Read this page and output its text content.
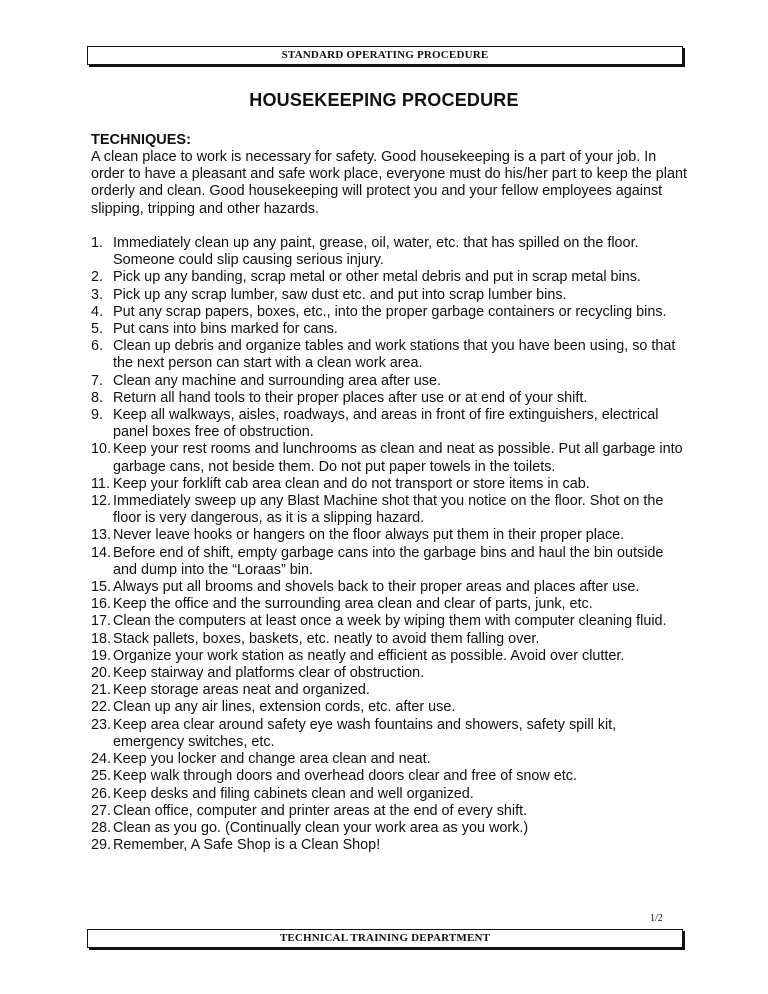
STANDARD OPERATING PROCEDURE
HOUSEKEEPING PROCEDURE
TECHNIQUES:

A clean place to work is necessary for safety. Good housekeeping is a part of your job. In order to have a pleasant and safe work place, everyone must do his/her part to keep the plant orderly and clean. Good housekeeping will protect you and your fellow employees against slipping, tripping and other hazards.

1. Immediately clean up any paint, grease, oil, water, etc. that has spilled on the floor. Someone could slip causing serious injury.
2. Pick up any banding, scrap metal or other metal debris and put in scrap metal bins.
3. Pick up any scrap lumber, saw dust etc. and put into scrap lumber bins.
4. Put any scrap papers, boxes, etc., into the proper garbage containers or recycling bins.
5. Put cans into bins marked for cans.
6. Clean up debris and organize tables and work stations that you have been using, so that the next person can start with a clean work area.
7. Clean any machine and surrounding area after use.
8. Return all hand tools to their proper places after use or at end of your shift.
9. Keep all walkways, aisles, roadways, and areas in front of fire extinguishers, electrical panel boxes free of obstruction.
10. Keep your rest rooms and lunchrooms as clean and neat as possible. Put all garbage into garbage cans, not beside them. Do not put paper towels in the toilets.
11. Keep your forklift cab area clean and do not transport or store items in cab.
12. Immediately sweep up any Blast Machine shot that you notice on the floor. Shot on the floor is very dangerous, as it is a slipping hazard.
13. Never leave hooks or hangers on the floor always put them in their proper place.
14. Before end of shift, empty garbage cans into the garbage bins and haul the bin outside and dump into the “Loraas” bin.
15. Always put all brooms and shovels back to their proper areas and places after use.
16. Keep the office and the surrounding area clean and clear of parts, junk, etc.
17. Clean the computers at least once a week by wiping them with computer cleaning fluid.
18. Stack pallets, boxes, baskets, etc. neatly to avoid them falling over.
19. Organize your work station as neatly and efficient as possible. Avoid over clutter.
20. Keep stairway and platforms clear of obstruction.
21. Keep storage areas neat and organized.
22. Clean up any air lines, extension cords, etc. after use.
23. Keep area clear around safety eye wash fountains and showers, safety spill kit, emergency switches, etc.
24. Keep you locker and change area clean and neat.
25. Keep walk through doors and overhead doors clear and free of snow etc.
26. Keep desks and filing cabinets clean and well organized.
27. Clean office, computer and printer areas at the end of every shift.
28. Clean as you go. (Continually clean your work area as you work.)
29. Remember, A Safe Shop is a Clean Shop!
1/2
TECHNICAL TRAINING DEPARTMENT
